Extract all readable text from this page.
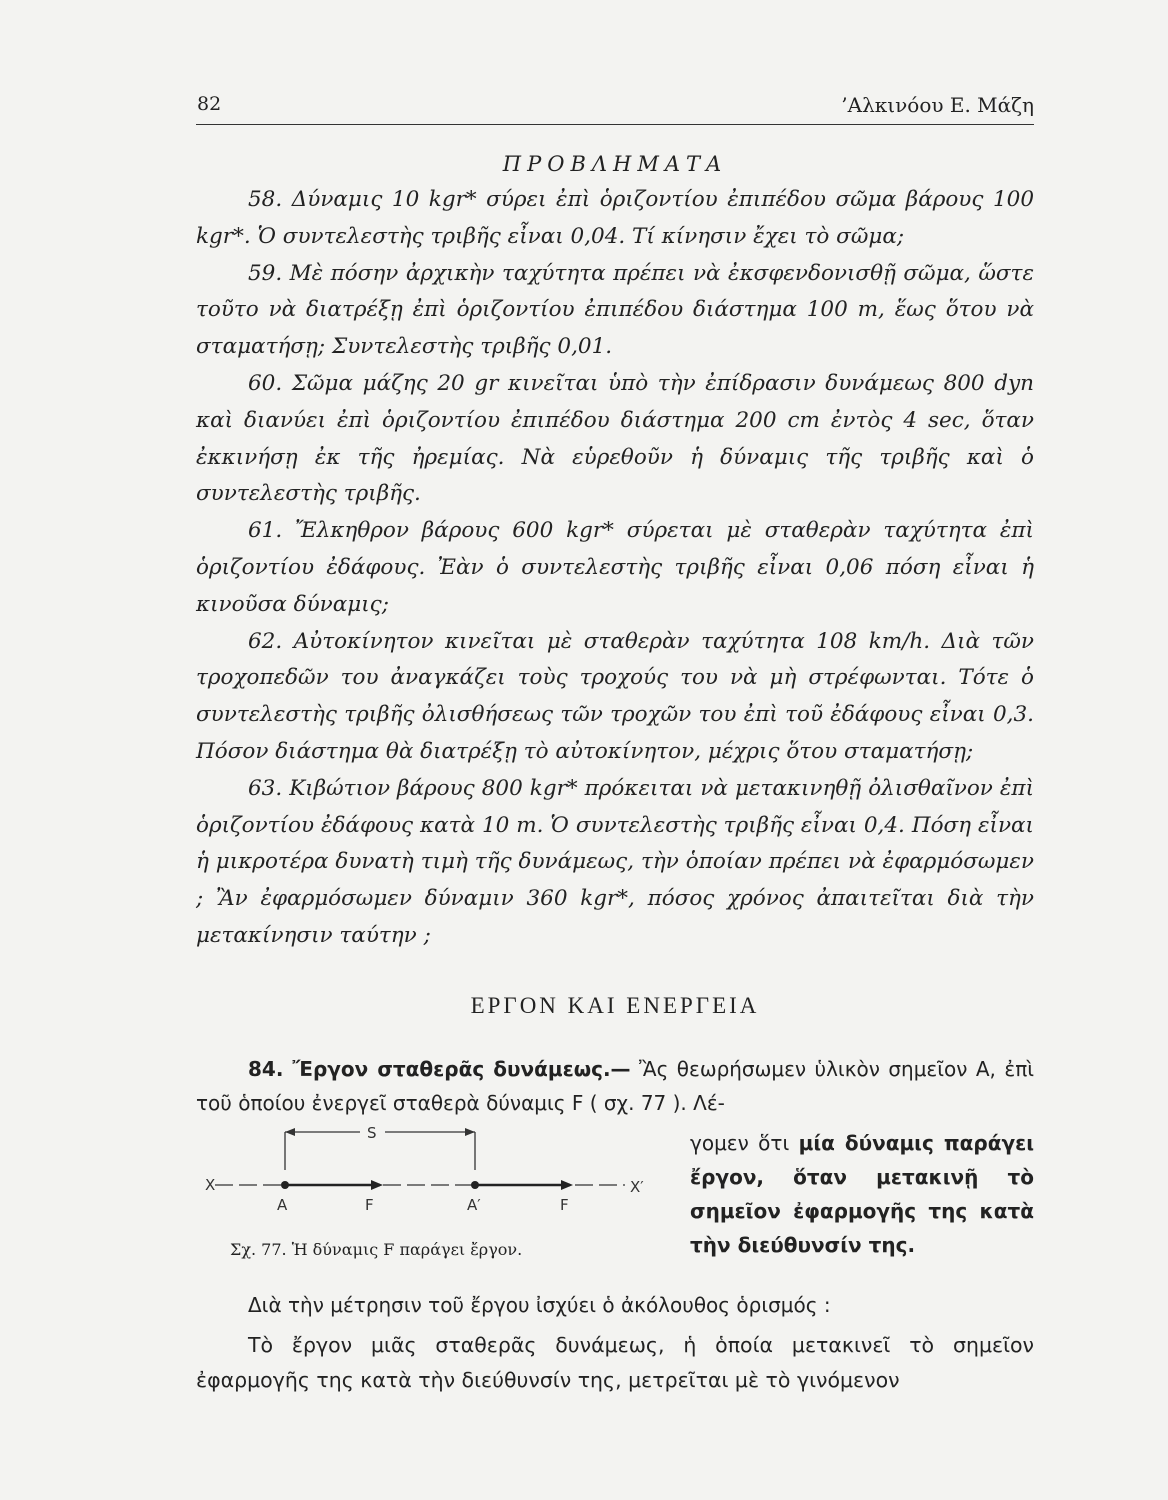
82	’Αλκινόου Ε. Μάζη
ΠΡΟΒΛΗΜΑΤΑ

58. Δύναμις 10 kgr* σύρει ἐπὶ ὁριζοντίου ἐπιπέδου σῶμα βάρους 100 kgr*. Ὁ συντελεστὴς τριβῆς εἶναι 0,04. Τί κίνησιν ἔχει τὸ σῶμα;

59. Μὲ πόσην ἀρχικὴν ταχύτητα πρέπει νὰ ἐκσφενδονισθῇ σῶμα, ὥστε τοῦτο νὰ διατρέξῃ ἐπὶ ὁριζοντίου ἐπιπέδου διάστημα 100 m, ἕως ὅτου νὰ σταματήσῃ; Συντελεστὴς τριβῆς 0,01.

60. Σῶμα μάζης 20 gr κινεῖται ὑπὸ τὴν ἐπίδρασιν δυνάμεως 800 dyn καὶ διανύει ἐπὶ ὁριζοντίου ἐπιπέδου διάστημα 200 cm ἐντὸς 4 sec, ὅταν ἐκκινήσῃ ἐκ τῆς ἠρεμίας. Νὰ εὑρεθοῦν ἡ δύναμις τῆς τριβῆς καὶ ὁ συντελεστὴς τριβῆς.

61. Ἔλκηθρον βάρους 600 kgr* σύρεται μὲ σταθερὰν ταχύτητα ἐπὶ ὁριζοντίου ἐδάφους. Ἐὰν ὁ συντελεστὴς τριβῆς εἶναι 0,06 πόση εἶναι ἡ κινοῦσα δύναμις;

62. Αὐτοκίνητον κινεῖται μὲ σταθερὰν ταχύτητα 108 km/h. Διὰ τῶν τροχοπεδῶν του ἀναγκάζει τοὺς τροχούς του νὰ μὴ στρέφωνται. Τότε ὁ συντελεστὴς τριβῆς ὀλισθήσεως τῶν τροχῶν του ἐπὶ τοῦ ἐδάφους εἶναι 0,3. Πόσον διάστημα θὰ διατρέξῃ τὸ αὐτοκίνητον, μέχρις ὅτου σταματήσῃ;

63. Κιβώτιον βάρους 800 kgr* πρόκειται νὰ μετακινηθῇ ὀλισθαῖνον ἐπὶ ὁριζοντίου ἐδάφους κατὰ 10 m. Ὁ συντελεστὴς τριβῆς εἶναι 0,4. Πόση εἶναι ἡ μικροτέρα δυνατὴ τιμὴ τῆς δυνάμεως, τὴν ὁποίαν πρέπει νὰ ἐφαρμόσωμεν ; Ἂν ἐφαρμόσωμεν δύναμιν 360 kgr*, πόσος χρόνος ἀπαιτεῖται διὰ τὴν μετακίνησιν ταύτην ;

ΕΡΓΟΝ ΚΑΙ ΕΝΕΡΓΕΙΑ

84. Ἔργον σταθερᾶς δυνάμεως.— Ἂς θεωρήσωμεν ὑλικὸν σημεῖον Α, ἐπὶ τοῦ ὁποίου ἐνεργεῖ σταθερὰ δύναμις F ( σχ. 77 ). Λέ-

S
X	X′
A	F	A′	F
Σχ. 77. Ἡ δύναμις F παράγει ἔργον.

γομεν ὅτι μία δύναμις παράγει ἔργον, ὅταν μετακινῇ τὸ σημεῖον ἐφαρμογῆς της κατὰ τὴν διεύθυνσίν της.

Διὰ τὴν μέτρησιν τοῦ ἔργου ἰσχύει ὁ ἀκόλουθος ὁρισμός :

Τὸ ἔργον μιᾶς σταθερᾶς δυνάμεως, ἡ ὁποία μετακινεῖ τὸ σημεῖον ἐφαρμογῆς της κατὰ τὴν διεύθυνσίν της, μετρεῖται μὲ τὸ γινόμενον
